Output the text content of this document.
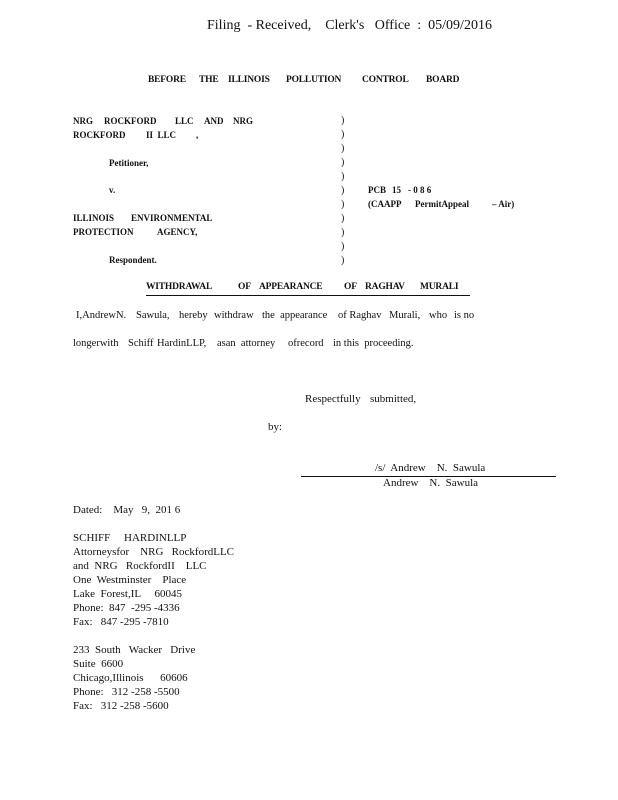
Filing  - Received,    Clerk's   Office  :  05/09/2016
BEFORE THE ILLINOIS POLLUTION CONTROL BOARD
NRG ROCKFORD LLC AND NRG
ROCKFORD II  LLC ,
Petitioner,
v.
ILLINOIS ENVIRONMENTAL
PROTECTION	AGENCY,
Respondent.
)
)
)
)
)
)
)
)
)
)
)
PCB 15 - 0 8 6
(CAAPP PermitAppeal	– Air)
WITHDRAWAL	OF APPEARANCE OF RAGHAV MURALI
I,AndrewN. Sawula, hereby withdraw the  appearance of Raghav Murali, who is no
longerwith Schiff HardinLLP, asan  attorney ofrecord in this  proceeding.
Respectfully submitted,
by:
/s/  Andrew    N.  Sawula
Andrew    N.  Sawula
Dated:    May   9,  201 6
SCHIFF     HARDINLLP
Attorneysfor    NRG   RockfordLLC
and  NRG   RockfordII    LLC
One  Westminster    Place
Lake  Forest,IL     60045
Phone:  847  -295 -4336
Fax:   847 -295 -7810
233  South   Wacker   Drive
Suite  6600
Chicago,Illinois      60606
Phone:   312 -258 -5500
Fax:   312 -258 -5600
